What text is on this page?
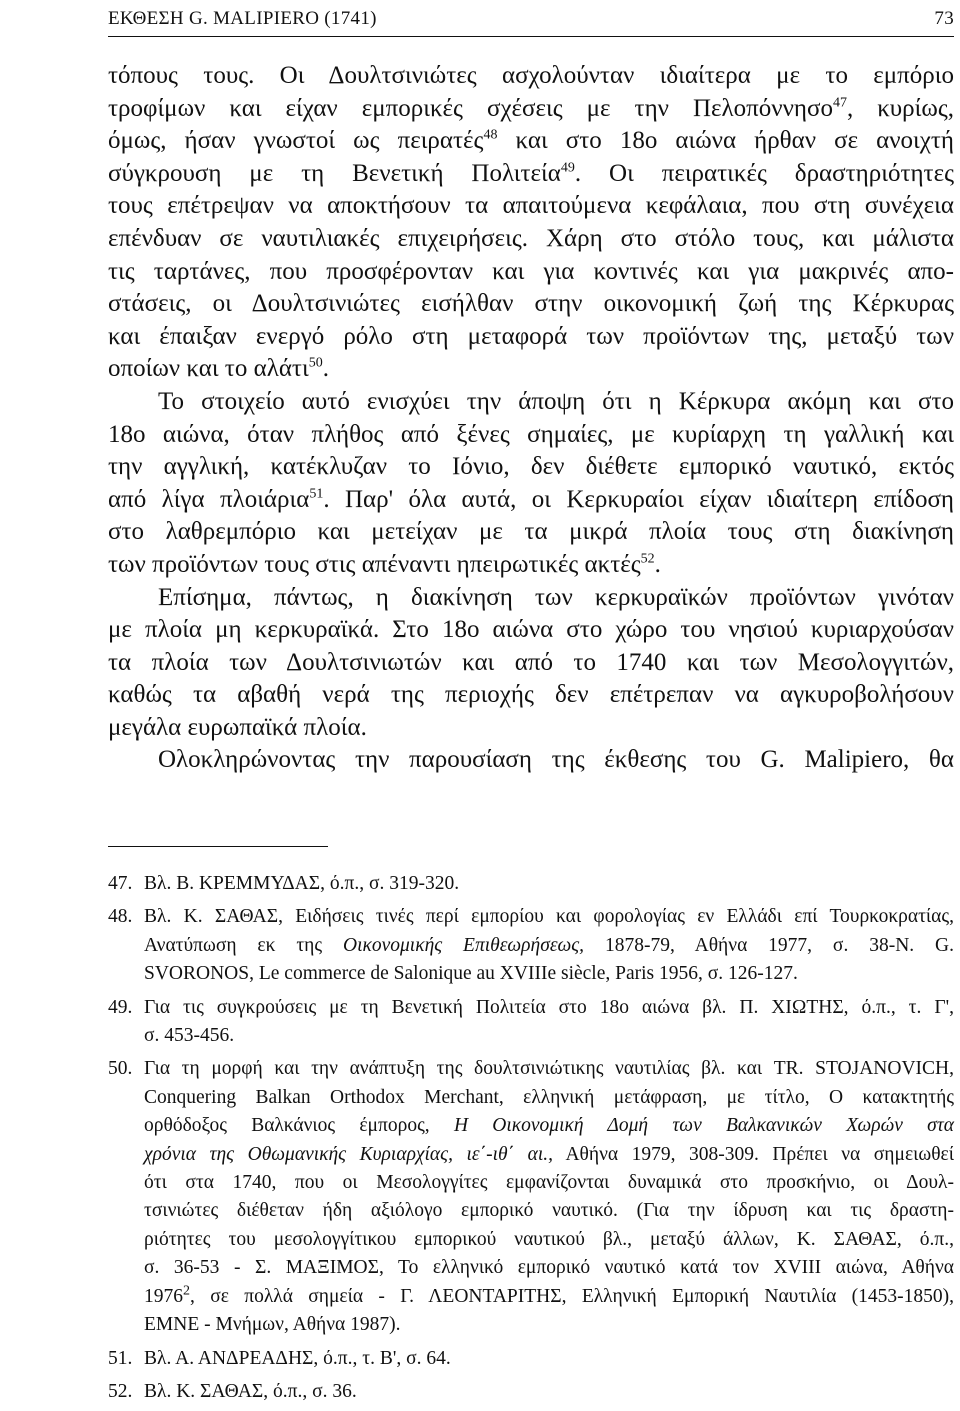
ΕΚΘΕΣΗ G. MALIPIERO (1741)	73

τόπους τους. Οι Δουλτσινιώτες ασχολούνταν ιδιαίτερα με το εμπόριο
τροφίμων και είχαν εμπορικές σχέσεις με την Πελοπόννησο$^{47}$, κυρίως,
όμως, ήσαν γνωστοί ως πειρατές$^{48}$ και στο 18ο αιώνα ήρθαν σε ανοιχτή
σύγκρουση με τη Βενετική Πολιτεία$^{49}$. Οι πειρατικές δραστηριότητες
τους επέτρεψαν να αποκτήσουν τα απαιτούμενα κεφάλαια, που στη συνέχεια
επένδυαν σε ναυτιλιακές επιχειρήσεις. Χάρη στο στόλο τους, και μάλιστα
τις ταρτάνες, που προσφέρονταν και για κοντινές και για μακρινές απο-
στάσεις, οι Δουλτσινιώτες εισήλθαν στην οικονομική ζωή της Κέρκυρας
και έπαιξαν ενεργό ρόλο στη μεταφορά των προϊόντων της, μεταξύ των
οποίων και το αλάτι$^{50}$.

Το στοιχείο αυτό ενισχύει την άποψη ότι η Κέρκυρα ακόμη και στο
18ο αιώνα, όταν πλήθος από ξένες σημαίες, με κυρίαρχη τη γαλλική και
την αγγλική, κατέκλυζαν το Ιόνιο, δεν διέθετε εμπορικό ναυτικό, εκτός
από λίγα πλοιάρια$^{51}$. Παρ' όλα αυτά, οι Κερκυραίοι είχαν ιδιαίτερη επίδοση
στο λαθρεμπόριο και μετείχαν με τα μικρά πλοία τους στη διακίνηση
των προϊόντων τους στις απέναντι ηπειρωτικές ακτές$^{52}$.

Επίσημα, πάντως, η διακίνηση των κερκυραϊκών προϊόντων γινόταν
με πλοία μη κερκυραϊκά. Στο 18ο αιώνα στο χώρο του νησιού κυριαρχούσαν
τα πλοία των Δουλτσινιωτών και από το 1740 και των Μεσολογγιτών,
καθώς τα αβαθή νερά της περιοχής δεν επέτρεπαν να αγκυροβολήσουν
μεγάλα ευρωπαϊκά πλοία.

Ολοκληρώνοντας την παρουσίαση της έκθεσης του G. Malipiero, θα

47. Βλ. Β. ΚΡΕΜΜΥΔΑΣ, ό.π., σ. 319-320.
48. Βλ. Κ. ΣΑΘΑΣ, Ειδήσεις τινές περί εμπορίου και φορολογίας εν Ελλάδι επί Τουρκοκρατίας,
Ανατύπωση εκ της Οικονομικής Επιθεωρήσεως, 1878-79, Αθήνα 1977, σ. 38-Ν. G.
SVORONOS, Le commerce de Salonique au XVIIIe siècle, Paris 1956, σ. 126-127.
49. Για τις συγκρούσεις με τη Βενετική Πολιτεία στο 18ο αιώνα βλ. Π. ΧΙΩΤΗΣ, ό.π., τ. Γ',
σ. 453-456.
50. Για τη μορφή και την ανάπτυξη της δουλτσινιώτικης ναυτιλίας βλ. και TR. STOJANOVICH,
Conquering Balkan Orthodox Merchant, ελληνική μετάφραση, με τίτλο, Ο κατακτητής
ορθόδοξος Βαλκάνιος έμπορος, Η Οικονομική Δομή των Βαλκανικών Χωρών στα
χρόνια της Οθωμανικής Κυριαρχίας, ιε΄-ιθ΄ αι., Αθήνα 1979, 308-309. Πρέπει να σημειωθεί
ότι στα 1740, που οι Μεσολογγίτες εμφανίζονται δυναμικά στο προσκήνιο, οι Δουλ-
τσινιώτες διέθεταν ήδη αξιόλογο εμπορικό ναυτικό. (Για την ίδρυση και τις δραστη-
ριότητες του μεσολογγίτικου εμπορικού ναυτικού βλ., μεταξύ άλλων, Κ. ΣΑΘΑΣ, ό.π.,
σ. 36-53 - Σ. ΜΑΞΙΜΟΣ, Το ελληνικό εμπορικό ναυτικό κατά τον XVIII αιώνα, Αθήνα
1976$^2$, σε πολλά σημεία - Γ. ΛΕΟΝΤΑΡΙΤΗΣ, Ελληνική Εμπορική Ναυτιλία (1453-1850),
EMNE - Μνήμων, Αθήνα 1987).
51. Βλ. Α. ΑΝΔΡΕΑΔΗΣ, ό.π., τ. Β', σ. 64.
52. Βλ. Κ. ΣΑΘΑΣ, ό.π., σ. 36.
